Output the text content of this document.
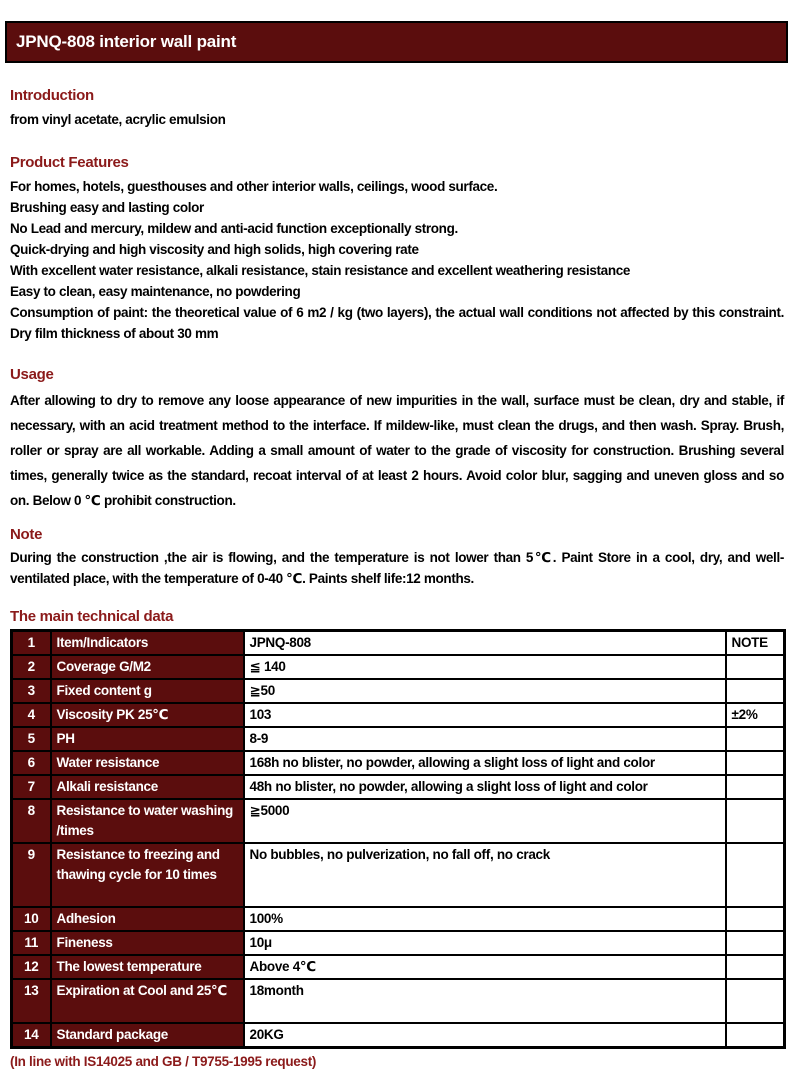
JPNQ-808 interior wall paint
Introduction
from vinyl acetate, acrylic emulsion
Product Features
For homes, hotels, guesthouses and other interior walls, ceilings, wood surface.
Brushing easy and lasting color
No Lead and mercury, mildew and anti-acid function exceptionally strong.
Quick-drying and high viscosity and high solids, high covering rate
With excellent water resistance, alkali resistance, stain resistance and excellent weathering resistance
Easy to clean, easy maintenance, no powdering
Consumption of paint: the theoretical value of 6 m2 / kg (two layers), the actual wall conditions not affected by this constraint. Dry film thickness of about 30 mm
Usage
After allowing to dry to remove any loose appearance of new impurities in the wall, surface must be clean, dry and stable, if necessary, with an acid treatment method to the interface. If mildew-like, must clean the drugs, and then wash. Spray. Brush, roller or spray are all workable. Adding a small amount of water to the grade of viscosity for construction. Brushing several times, generally twice as the standard, recoat interval of at least 2 hours. Avoid color blur, sagging and uneven gloss and so on. Below 0 ℃ prohibit construction.
Note
During the construction ,the air is flowing, and the temperature is not lower than 5℃. Paint Store in a cool, dry, and well-ventilated place, with the temperature of 0-40 ℃. Paints shelf life:12 months.
The main technical data
1	Item/Indicators	JPNQ-808	NOTE
2	Coverage G/M2	≦ 140	
3	Fixed content g	≧50	
4	Viscosity PK 25℃	103	±2%
5	PH	8-9	
6	Water resistance	168h no blister, no powder, allowing a slight loss of light and color	
7	Alkali resistance	48h no blister, no powder, allowing a slight loss of light and color	
8	Resistance to water washing /times	≧5000	
9	Resistance to freezing and thawing cycle for 10 times	No bubbles, no pulverization, no fall off, no crack	
10	Adhesion	100%	
11	Fineness	10μ	
12	The lowest temperature	Above 4℃	
13	Expiration at Cool and 25℃	18month	
14	Standard package	20KG	
(In line with IS14025 and GB / T9755-1995 request)
